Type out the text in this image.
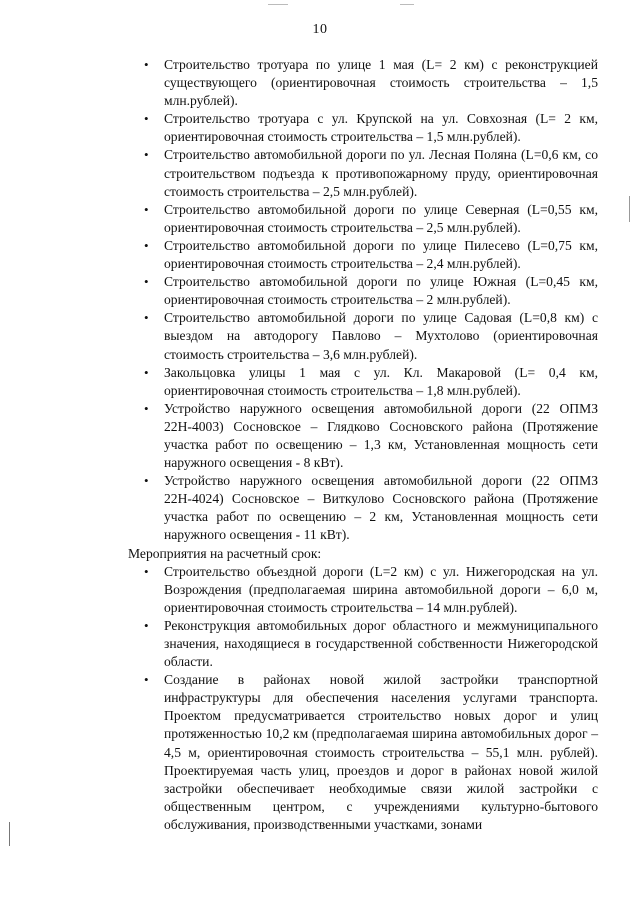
10
• Строительство тротуара по улице 1 мая (L= 2 км) с реконструкцией существующего (ориентировочная стоимость строительства – 1,5 млн.рублей).
• Строительство тротуара с ул. Крупской на ул. Совхозная (L= 2 км, ориентировочная стоимость строительства – 1,5 млн.рублей).
• Строительство автомобильной дороги по ул. Лесная Поляна (L=0,6 км, со строительством подъезда к противопожарному пруду, ориентировочная стоимость строительства – 2,5 млн.рублей).
• Строительство автомобильной дороги по улице Северная (L=0,55 км, ориентировочная стоимость строительства – 2,5 млн.рублей).
• Строительство автомобильной дороги по улице Пилесево (L=0,75 км, ориентировочная стоимость строительства – 2,4 млн.рублей).
• Строительство автомобильной дороги по улице Южная (L=0,45 км, ориентировочная стоимость строительства – 2 млн.рублей).
• Строительство автомобильной дороги по улице Садовая (L=0,8 км) с выездом на автодорогу Павлово – Мухтолово (ориентировочная стоимость строительства – 3,6 млн.рублей).
• Закольцовка улицы 1 мая с ул. Кл. Макаровой (L= 0,4 км, ориентировочная стоимость строительства – 1,8 млн.рублей).
• Устройство наружного освещения автомобильной дороги (22 ОПМЗ 22Н-4003) Сосновское – Глядково Сосновского района (Протяжение участка работ по освещению – 1,3 км, Установленная мощность сети наружного освещения - 8 кВт).
• Устройство наружного освещения автомобильной дороги (22 ОПМЗ 22Н-4024) Сосновское – Виткулово Сосновского района (Протяжение участка работ по освещению – 2 км, Установленная мощность сети наружного освещения - 11 кВт).

Мероприятия на расчетный срок:

• Строительство объездной дороги (L=2 км) с ул. Нижегородская на ул. Возрождения (предполагаемая ширина автомобильной дороги – 6,0 м, ориентировочная стоимость строительства – 14 млн.рублей).
• Реконструкция автомобильных дорог областного и межмуниципального значения, находящиеся в государственной собственности Нижегородской области.
• Создание в районах новой жилой застройки транспортной инфраструктуры для обеспечения населения услугами транспорта. Проектом предусматривается строительство новых дорог и улиц протяженностью 10,2 км (предполагаемая ширина автомобильных дорог – 4,5 м, ориентировочная стоимость строительства – 55,1 млн. рублей). Проектируемая часть улиц, проездов и дорог в районах новой жилой застройки обеспечивает необходимые связи жилой застройки с общественным центром, с учреждениями культурно-бытового обслуживания, производственными участками, зонами
